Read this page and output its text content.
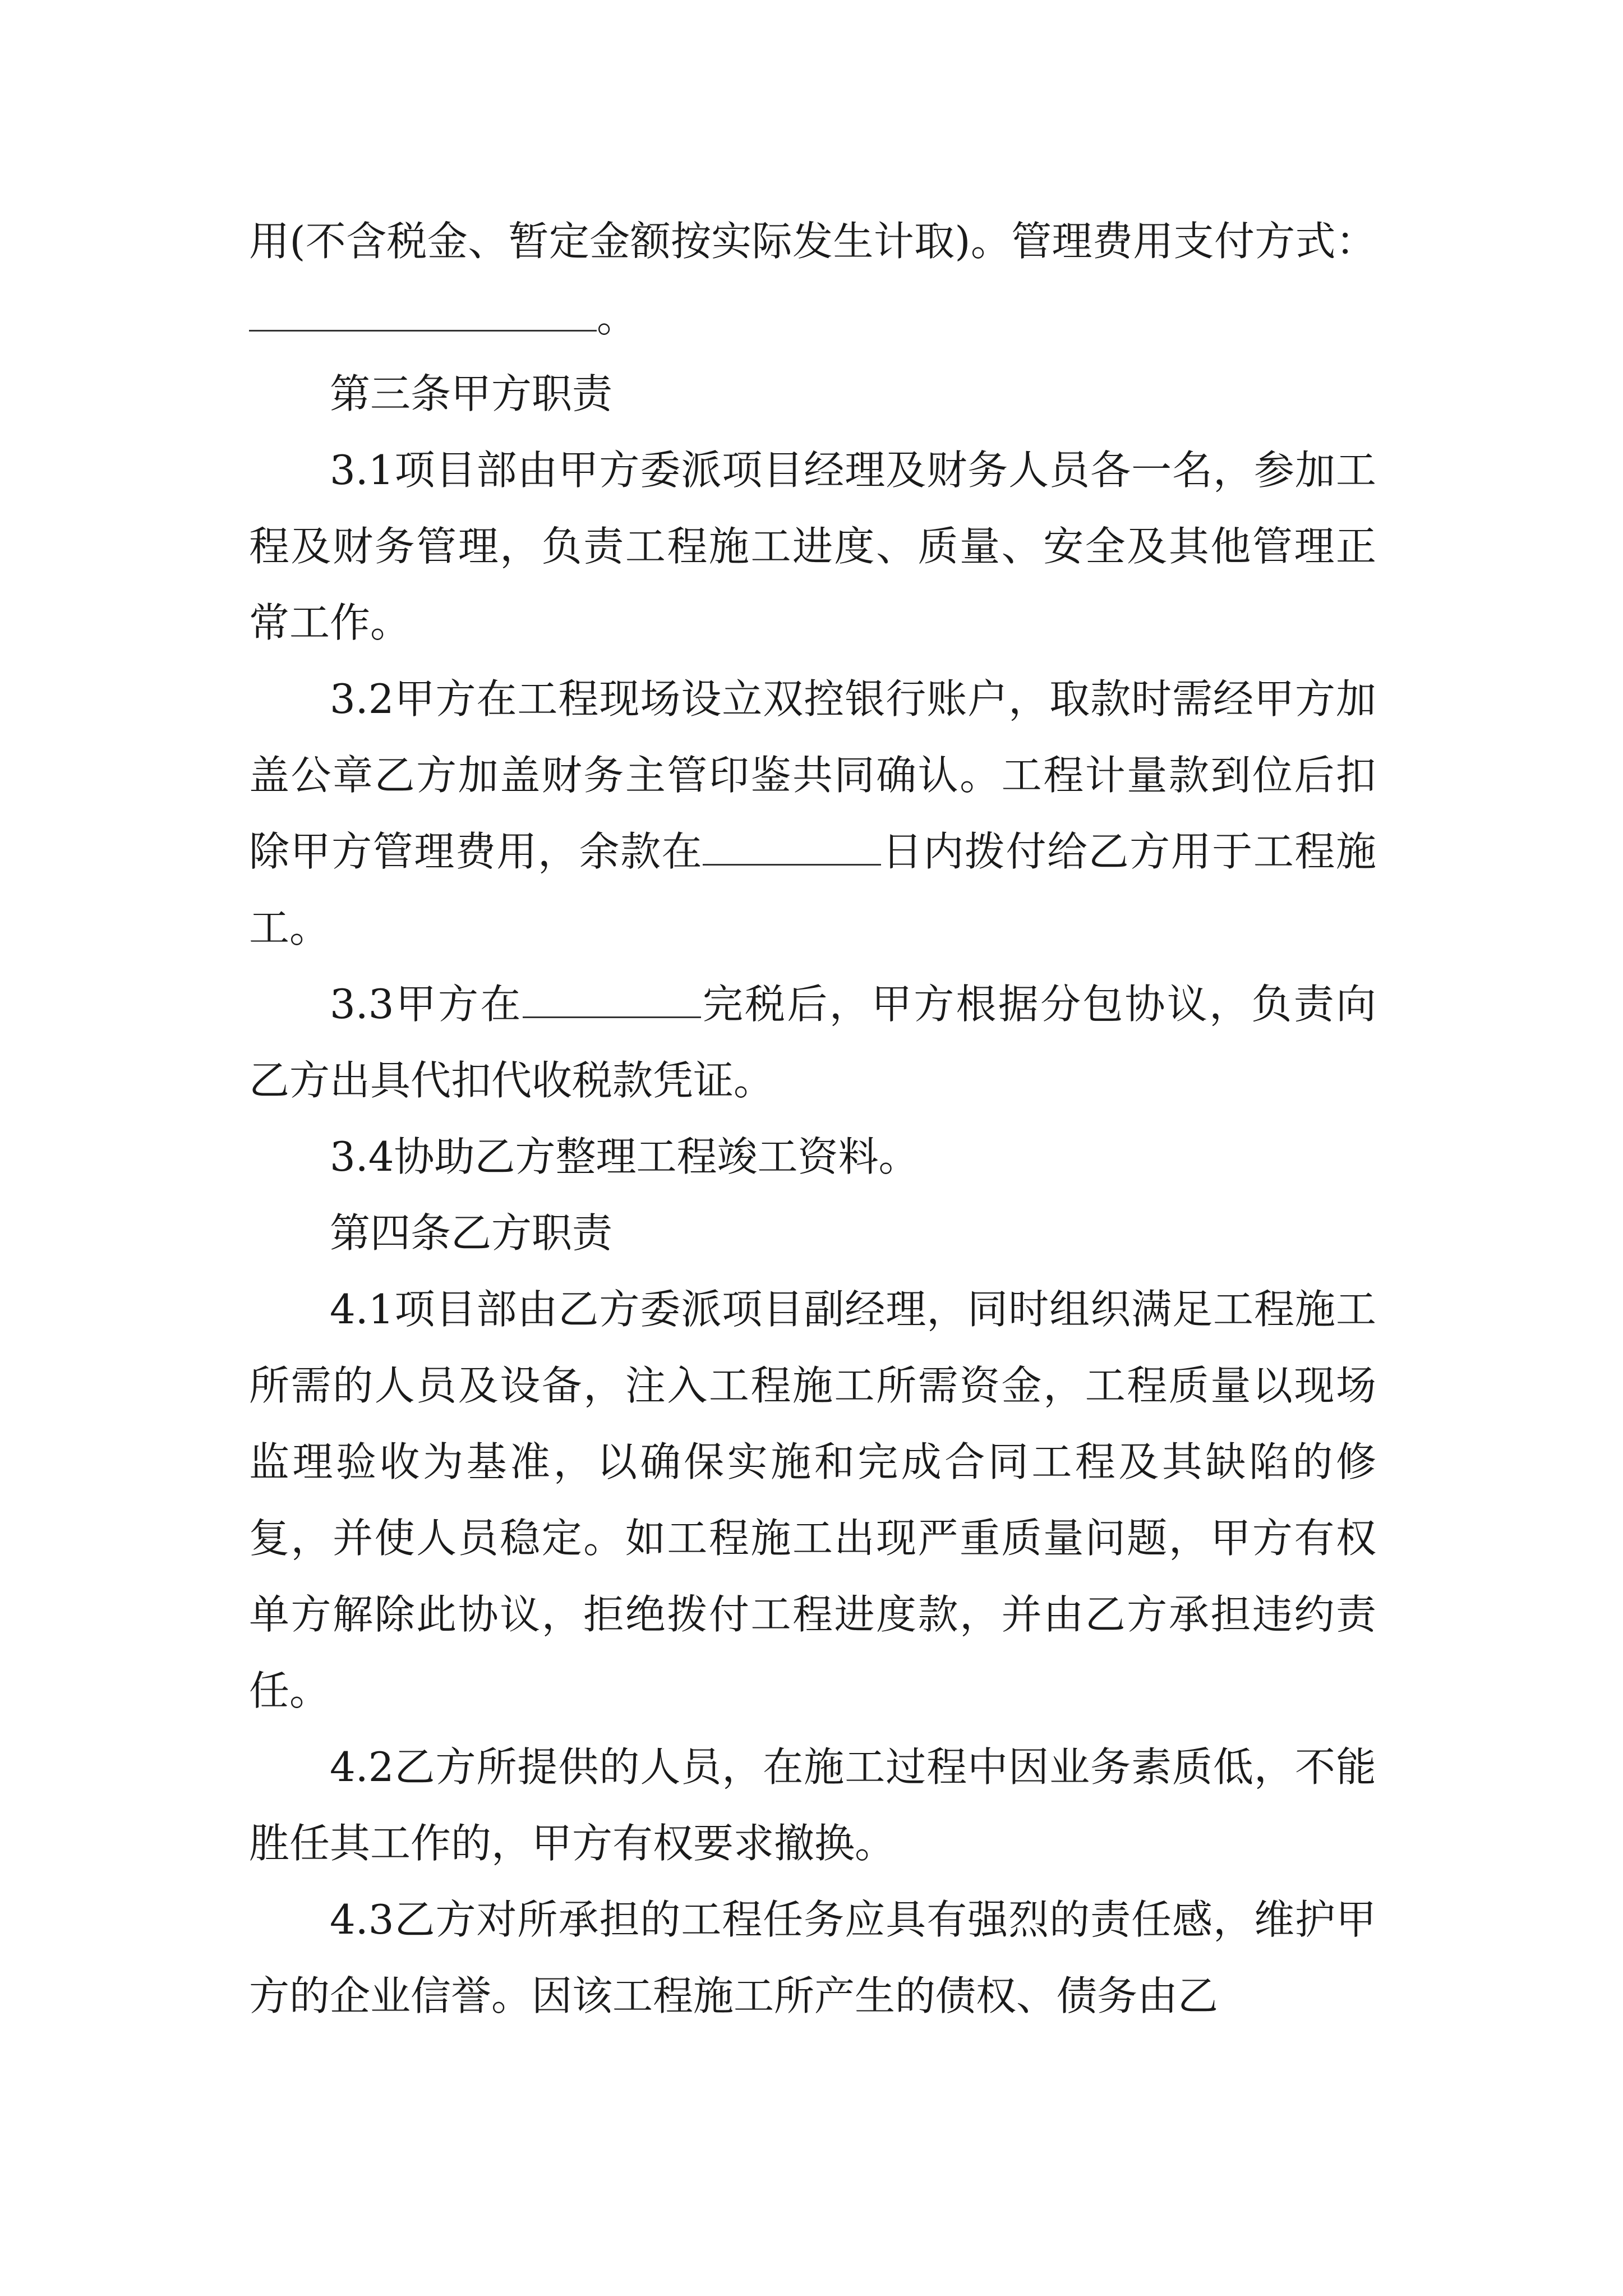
用(不含税金、暂定金额按实际发生计取)。管理费用支付方式：。

第三条甲方职责

3.1项目部由甲方委派项目经理及财务人员各一名，参加工程及财务管理，负责工程施工进度、质量、安全及其他管理正常工作。

3.2甲方在工程现场设立双控银行账户，取款时需经甲方加盖公章乙方加盖财务主管印鉴共同确认。工程计量款到位后扣除甲方管理费用，余款在	日内拨付给乙方用于工程施工。

3.3甲方在	完税后，甲方根据分包协议，负责向乙方出具代扣代收税款凭证。

3.4协助乙方整理工程竣工资料。

第四条乙方职责

4.1项目部由乙方委派项目副经理，同时组织满足工程施工所需的人员及设备，注入工程施工所需资金，工程质量以现场监理验收为基准，以确保实施和完成合同工程及其缺陷的修复，并使人员稳定。如工程施工出现严重质量问题，甲方有权单方解除此协议，拒绝拨付工程进度款，并由乙方承担违约责任。

4.2乙方所提供的人员，在施工过程中因业务素质低，不能胜任其工作的，甲方有权要求撤换。

4.3乙方对所承担的工程任务应具有强烈的责任感，维护甲方的企业信誉。因该工程施工所产生的债权、债务由乙
